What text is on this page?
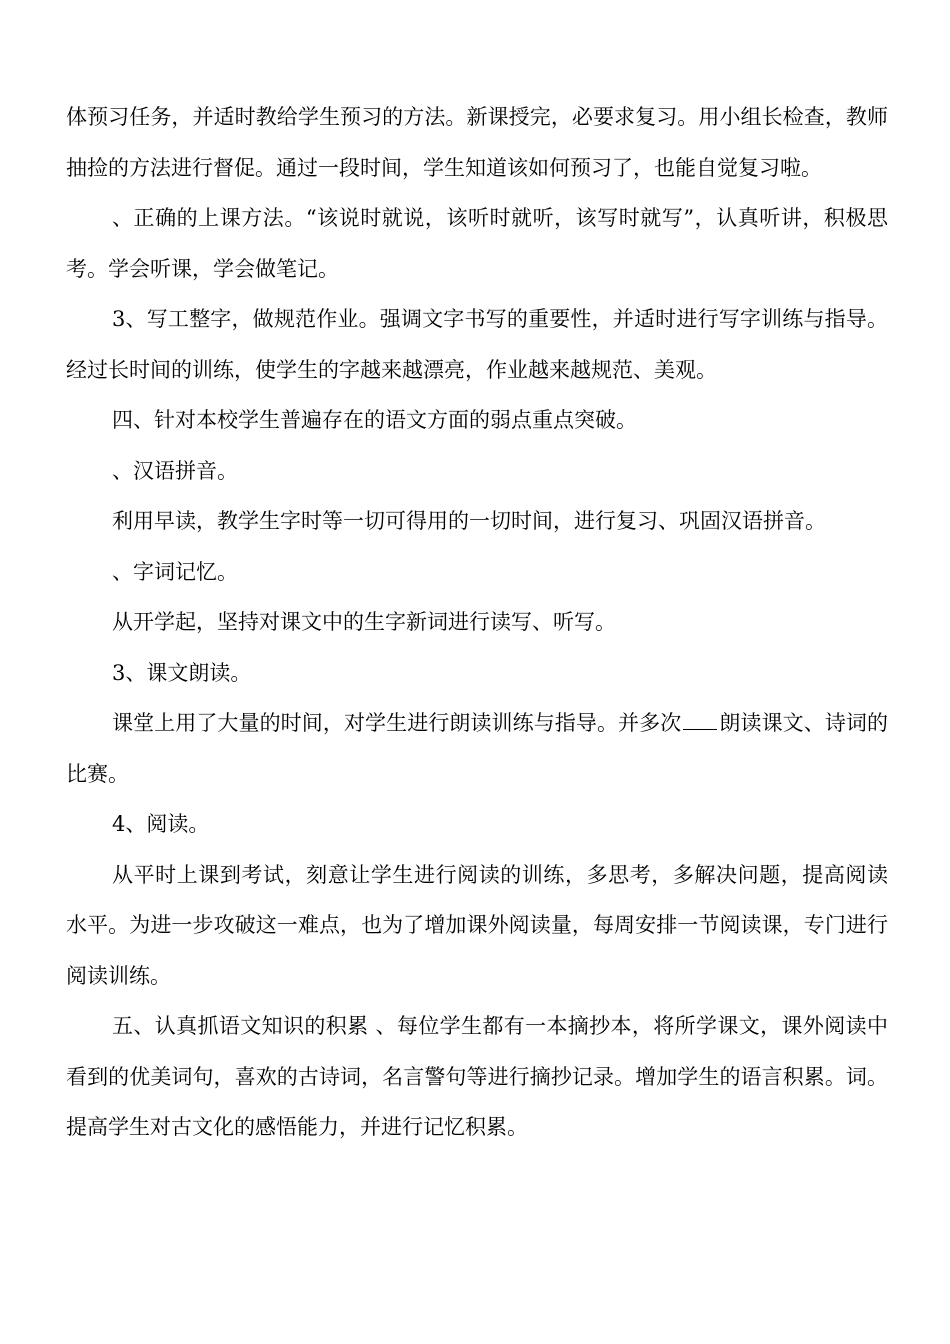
体预习任务，并适时教给学生预习的方法。新课授完，必要求复习。用小组长检查，教师抽捡的方法进行督促。通过一段时间，学生知道该如何预习了，也能自觉复习啦。

、正确的上课方法。“该说时就说，该听时就听，该写时就写”，认真听讲，积极思考。学会听课，学会做笔记。

3、写工整字，做规范作业。强调文字书写的重要性，并适时进行写字训练与指导。经过长时间的训练，使学生的字越来越漂亮，作业越来越规范、美观。

四、针对本校学生普遍存在的语文方面的弱点重点突破。

、汉语拼音。

利用早读，教学生字时等一切可得用的一切时间，进行复习、巩固汉语拼音。

、字词记忆。

从开学起，坚持对课文中的生字新词进行读写、听写。

3、课文朗读。

课堂上用了大量的时间，对学生进行朗读训练与指导。并多次 朗读课文、诗词的比赛。

4、阅读。

从平时上课到考试，刻意让学生进行阅读的训练，多思考，多解决问题，提高阅读水平。为进一步攻破这一难点，也为了增加课外阅读量，每周安排一节阅读课，专门进行阅读训练。

五、认真抓语文知识的积累 、每位学生都有一本摘抄本，将所学课文，课外阅读中看到的优美词句，喜欢的古诗词，名言警句等进行摘抄记录。增加学生的语言积累。词。提高学生对古文化的感悟能力，并进行记忆积累。
